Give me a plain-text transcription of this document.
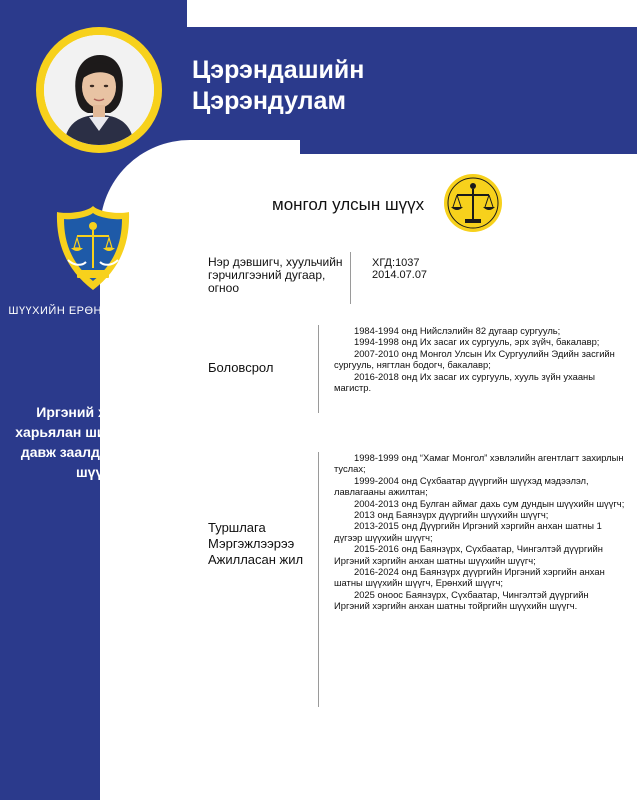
Цэрэндашийн
Цэрэндулам
ШҮҮХИЙН ЕРӨНХИЙ ЗӨВЛӨЛ
Иргэний хэргийг харьялан шийдвэрлэх давж заалдах шатны шүүх
монгол улсын шүүх
Нэр дэвшигч, хуульчийн гэрчилгээний дугаар, огноо
ХГД:1037
2014.07.07
Боловсрол

1984-1994 онд Нийслэлийн 82 дугаар сургууль;

1994-1998 онд Их засаг их сургууль, эрх зүйч, бакалавр;

2007-2010 онд Монгол Улсын Их Сургуулийн Эдийн засгийн сургууль, нягтлан бодогч, бакалавр;

2016-2018 онд Их засаг их сургууль, хууль зүйн ухааны магистр.

Туршлага Мэргэжлээрээ Ажилласан жил

1998-1999 онд “Хамаг Монгол” хэвлэлийн агентлагт захирлын туслах;

1999-2004 онд Сүхбаатар дүүргийн шүүхэд мэдээлэл, лавлагааны ажилтан;

2004-2013 онд Булган аймаг дахь сум дундын шүүхийн шүүгч;

2013 онд Баянзүрх дүүргийн шүүхийн шүүгч;

2013-2015 онд Дүүргийн Иргэний хэргийн анхан шатны 1 дүгээр шүүхийн шүүгч;

2015-2016 онд Баянзүрх, Сүхбаатар, Чингэлтэй дүүргийн Иргэний хэргийн анхан шатны шүүхийн шүүгч;

2016-2024 онд Баянзүрх дүүргийн Иргэний хэргийн анхан шатны шүүхийн шүүгч, Ерөнхий шүүгч;

2025 оноос Баянзүрх, Сүхбаатар, Чингэлтэй дүүргийн Иргэний хэргийн анхан шатны тойргийн шүүхийн шүүгч.
